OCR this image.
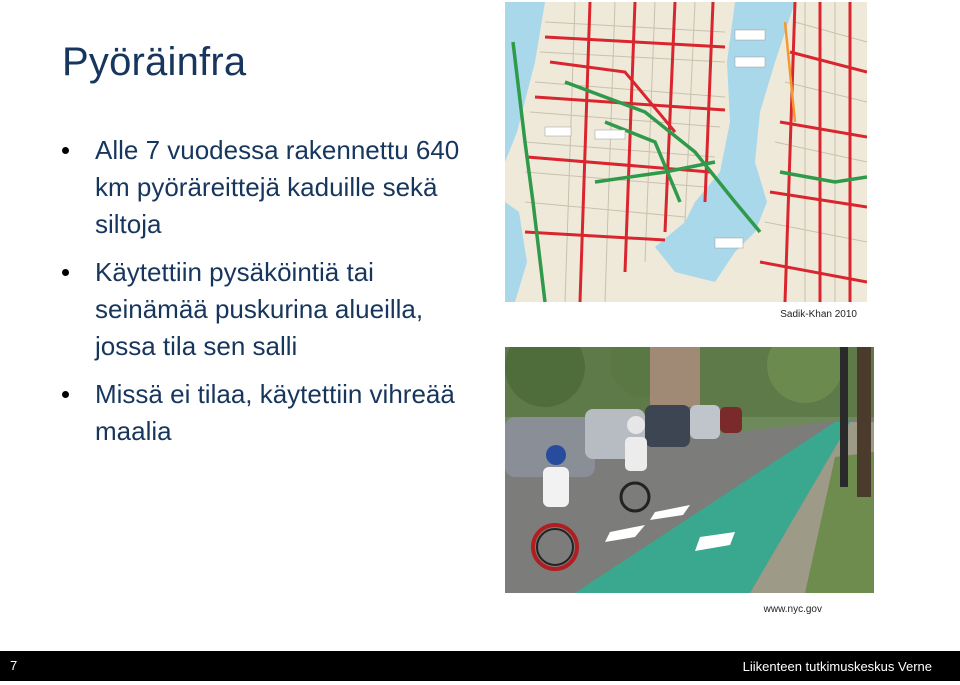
Pyöräinfra
Alle 7 vuodessa rakennettu 640 km pyöräreittejä kaduille sekä siltoja
Käytettiin pysäköintiä tai seinämää puskurina alueilla, jossa tila sen salli
Missä ei tilaa, käytettiin vihreää maalia
Sadik-Khan 2010
www.nyc.gov
7	Liikenteen tutkimuskeskus Verne
